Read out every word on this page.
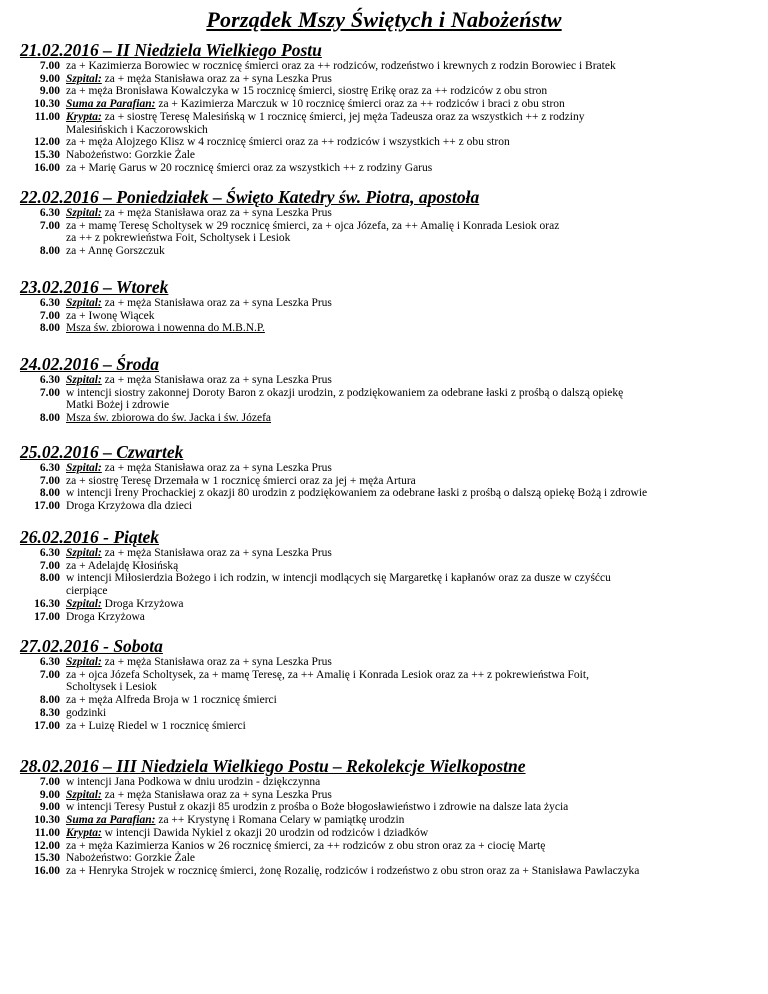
Porządek Mszy Świętych i Nabożeństw
21.02.2016 – II Niedziela Wielkiego Postu
7.00 za + Kazimierza Borowiec w rocznicę śmierci oraz za ++ rodziców, rodzeństwo i krewnych z rodzin Borowiec i Bratek
9.00 Szpital: za + męża Stanisława oraz za + syna Leszka Prus
9.00 za + męża Bronisława Kowalczyka w 15 rocznicę śmierci, siostrę Erikę oraz za ++ rodziców z obu stron
10.30 Suma za Parafian: za + Kazimierza Marczuk w 10 rocznicę śmierci oraz za ++ rodziców i braci z obu stron
11.00 Krypta: za + siostrę Teresę Malesińską w 1 rocznicę śmierci, jej męża Tadeusza oraz za wszystkich ++ z rodziny
Malesińskich i Kaczorowskich
12.00 za + męża Alojzego Klisz w 4 rocznicę śmierci oraz za ++ rodziców i wszystkich ++ z obu stron
15.30 Nabożeństwo: Gorzkie Żale
16.00 za + Marię Garus w 20 rocznicę śmierci oraz za wszystkich ++ z rodziny Garus
22.02.2016 – Poniedziałek – Święto Katedry św. Piotra, apostoła
6.30 Szpital: za + męża Stanisława oraz za + syna Leszka Prus
7.00 za + mamę Teresę Scholtysek w 29 rocznicę śmierci, za + ojca Józefa, za ++ Amalię i Konrada Lesiok oraz
za ++ z pokrewieństwa Foit, Scholtysek i Lesiok
8.00 za + Annę Gorszczuk
23.02.2016 – Wtorek
6.30 Szpital: za + męża Stanisława oraz za + syna Leszka Prus
7.00 za + Iwonę Wiącek
8.00 Msza św. zbiorowa i nowenna do M.B.N.P.
24.02.2016 – Środa
6.30 Szpital: za + męża Stanisława oraz za + syna Leszka Prus
7.00 w intencji siostry zakonnej Doroty Baron z okazji urodzin, z podziękowaniem za odebrane łaski z prośbą o dalszą opiekę
Matki Bożej i zdrowie
8.00 Msza św. zbiorowa do św. Jacka i św. Józefa
25.02.2016 – Czwartek
6.30 Szpital: za + męża Stanisława oraz za + syna Leszka Prus
7.00 za + siostrę Teresę Drzemała w 1 rocznicę śmierci oraz za jej + męża Artura
8.00 w intencji Ireny Prochackiej z okazji 80 urodzin z podziękowaniem za odebrane łaski z prośbą o dalszą opiekę Bożą i zdrowie
17.00 Droga Krzyżowa dla dzieci
26.02.2016 - Piątek
6.30 Szpital: za + męża Stanisława oraz za + syna Leszka Prus
7.00 za + Adelajdę Kłosińską
8.00 w intencji Miłosierdzia Bożego i ich rodzin, w intencji modlących się Margaretkę i kapłanów oraz za dusze w czyśćcu
cierpiące
16.30 Szpital: Droga Krzyżowa
17.00 Droga Krzyżowa
27.02.2016 - Sobota
6.30 Szpital: za + męża Stanisława oraz za + syna Leszka Prus
7.00 za + ojca Józefa Scholtysek, za + mamę Teresę, za ++ Amalię i Konrada Lesiok oraz za ++ z pokrewieństwa Foit,
Scholtysek i Lesiok
8.00 za + męża Alfreda Broja w 1 rocznicę śmierci
8.30 godzinki
17.00 za + Luizę Riedel w 1 rocznicę śmierci
28.02.2016 – III Niedziela Wielkiego Postu – Rekolekcje Wielkopostne
7.00 w intencji Jana Podkowa w dniu urodzin - dziękczynna
9.00 Szpital: za + męża Stanisława oraz za + syna Leszka Prus
9.00 w intencji Teresy Pustuł z okazji 85 urodzin z prośba o Boże błogosławieństwo i zdrowie na dalsze lata życia
10.30 Suma za Parafian: za ++ Krystynę i Romana Celary w pamiątkę urodzin
11.00 Krypta: w intencji Dawida Nykiel z okazji 20 urodzin od rodziców i dziadków
12.00 za + męża Kazimierza Kanios w 26 rocznicę śmierci, za ++ rodziców z obu stron oraz za + ciocię Martę
15.30 Nabożeństwo: Gorzkie Żale
16.00 za + Henryka Strojek w rocznicę śmierci, żonę Rozalię, rodziców i rodzeństwo z obu stron oraz za + Stanisława Pawlaczyka
